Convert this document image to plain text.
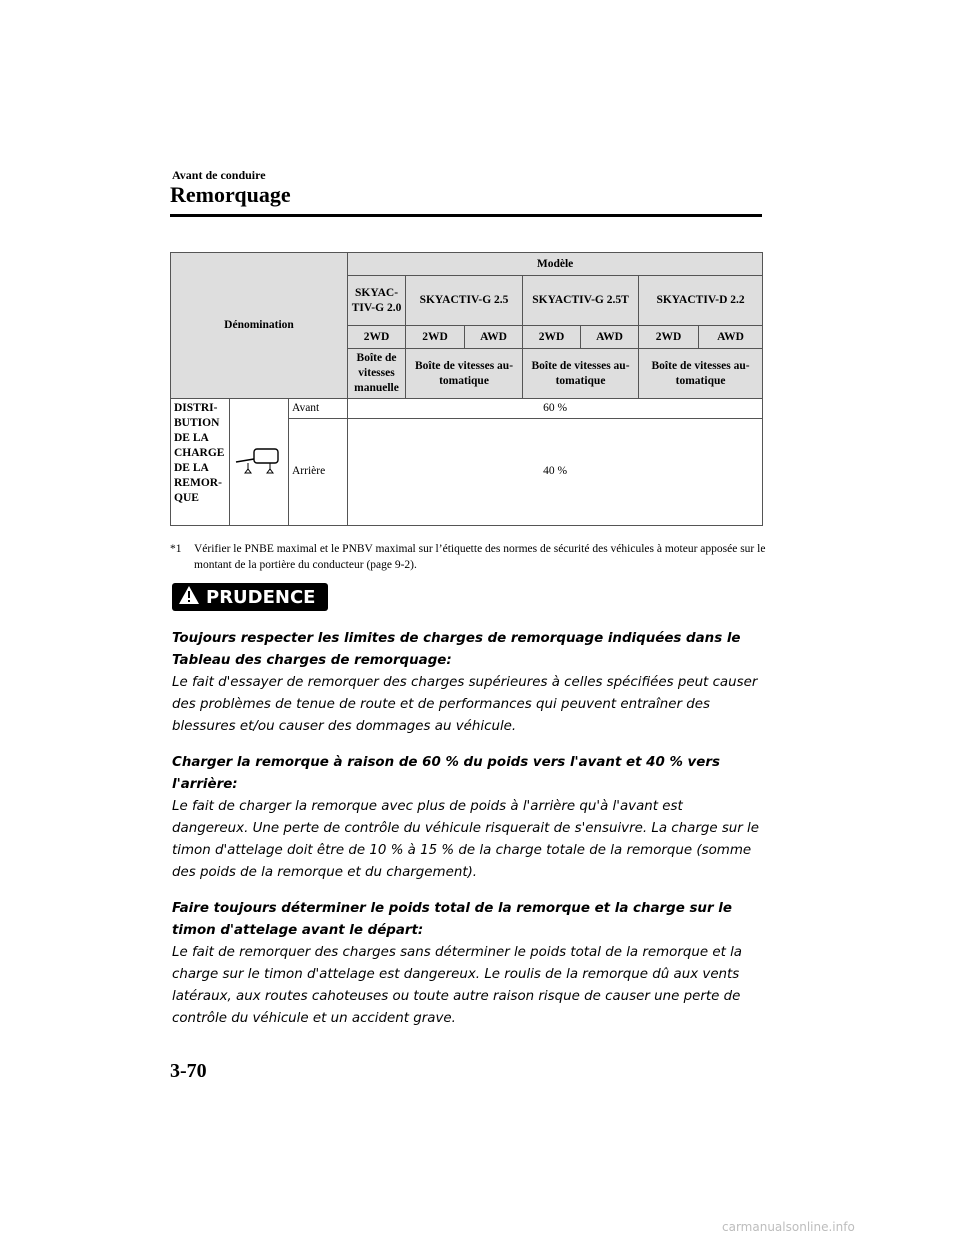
Avant de conduire
Remorquage
Dénomination			Modèle						
			SKYACTIV-G 2.0	SKYACTIV-G 2.5		SKYACTIV-G 2.5T		SKYACTIV-D 2.2	
			2WD	2WD	AWD	2WD	AWD	2WD	AWD
			Boîte de vitesses manuelle	Boîte de vitesses automatique		Boîte de vitesses automatique		Boîte de vitesses automatique	
DISTRIBUTION DE LA CHARGE DE LA REMORQUE		Avant	60 %						
		Arrière	40 %						
*1 Vérifier le PNBE maximal et le PNBV maximal sur l’étiquette des normes de sécurité des véhicules à moteur apposée sur le montant de la portière du conducteur (page 9-2).
PRUDENCE

Toujours respecter les limites de charges de remorquage indiquées dans le Tableau des charges de remorquage:
Le fait d'essayer de remorquer des charges supérieures à celles spécifiées peut causer des problèmes de tenue de route et de performances qui peuvent entraîner des blessures et/ou causer des dommages au véhicule.

Charger la remorque à raison de 60 % du poids vers l'avant et 40 % vers l'arrière:
Le fait de charger la remorque avec plus de poids à l'arrière qu'à l'avant est dangereux. Une perte de contrôle du véhicule risquerait de s'ensuivre. La charge sur le timon d'attelage doit être de 10 % à 15 % de la charge totale de la remorque (somme des poids de la remorque et du chargement).

Faire toujours déterminer le poids total de la remorque et la charge sur le timon d'attelage avant le départ:
Le fait de remorquer des charges sans déterminer le poids total de la remorque et la charge sur le timon d'attelage est dangereux. Le roulis de la remorque dû aux vents latéraux, aux routes cahoteuses ou toute autre raison risque de causer une perte de contrôle du véhicule et un accident grave.

3-70
carmanualsonline.info
